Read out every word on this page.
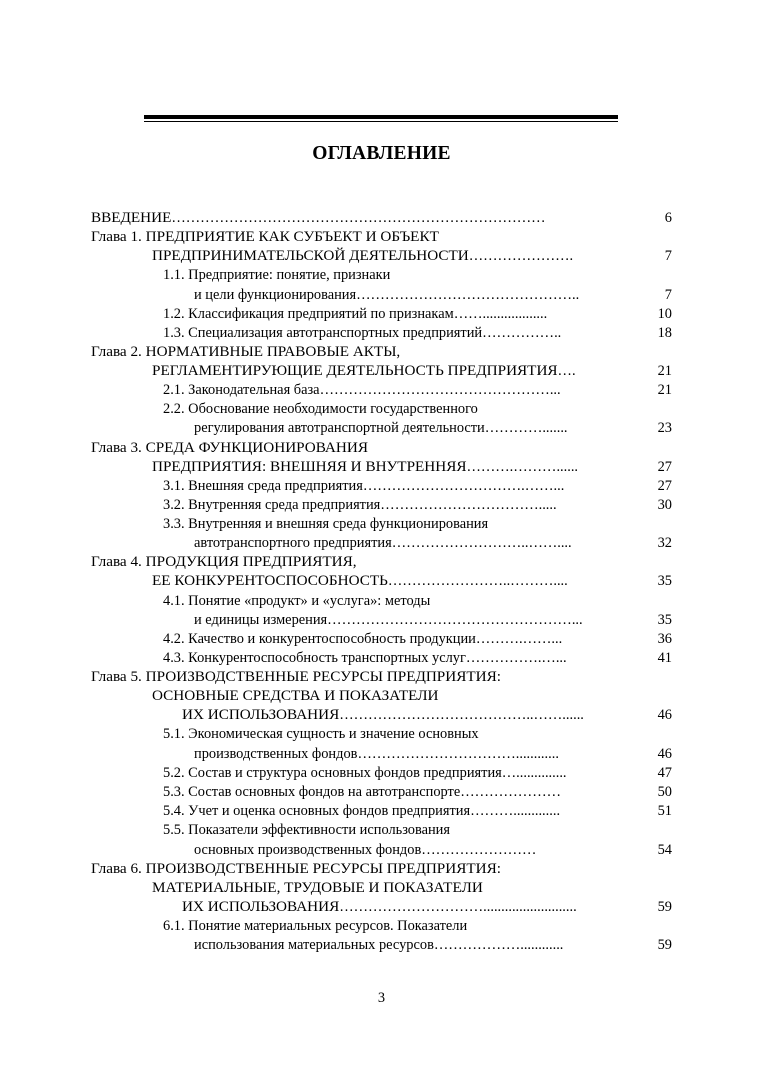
ОГЛАВЛЕНИЕ
ВВЕДЕНИЕ……………………………………………………………………	6
Глава 1. ПРЕДПРИЯТИЕ КАК СУБЪЕКТ И ОБЪЕКТ
ПРЕДПРИНИМАТЕЛЬСКОЙ ДЕЯТЕЛЬНОСТИ………………….	7
1.1. Предприятие: понятие, признаки
и цели функционирования………………………………………..	7
1.2. Классификация предприятий по признакам……..................	10
1.3. Специализация автотранспортных предприятий……………..	18
Глава 2. НОРМАТИВНЫЕ ПРАВОВЫЕ АКТЫ,
РЕГЛАМЕНТИРУЮЩИЕ ДЕЯТЕЛЬНОСТЬ ПРЕДПРИЯТИЯ….	21
2.1. Законодательная база…………………………………………...	21
2.2. Обоснование необходимости государственного
регулирования автотранспортной деятельности………….......	23
Глава 3. СРЕДА ФУНКЦИОНИРОВАНИЯ
ПРЕДПРИЯТИЯ: ВНЕШНЯЯ И ВНУТРЕННЯЯ……….………......	27
3.1. Внешняя среда предприятия…………………………….……...	27
3.2. Внутренняя среда предприятия…………………………….....	30
3.3. Внутренняя и внешняя среда функционирования
автотранспортного предприятия………………………..……....	32
Глава 4. ПРОДУКЦИЯ ПРЕДПРИЯТИЯ,
ЕЕ КОНКУРЕНТОСПОСОБНОСТЬ……………………..………....	35
4.1. Понятие «продукт» и «услуга»: методы
и единицы измерения……………………………………………...	35
4.2. Качество и конкурентоспособность продукции……….……...	36
4.3. Конкурентоспособность транспортных услуг…………….…...	41
Глава 5. ПРОИЗВОДСТВЕННЫЕ РЕСУРСЫ ПРЕДПРИЯТИЯ:
ОСНОВНЫЕ СРЕДСТВА И ПОКАЗАТЕЛИ
ИХ ИСПОЛЬЗОВАНИЯ…………………………………..……......	46
5.1. Экономическая сущность и значение основных
производственных фондов……………………………............	46
5.2. Состав и структура основных фондов предприятия…..............	47
5.3. Состав основных фондов на автотранспорте…………………	50
5.4. Учет и оценка основных фондов предприятия……….............	51
5.5. Показатели эффективности использования
основных производственных фондов……………………	54
Глава 6. ПРОИЗВОДСТВЕННЫЕ РЕСУРСЫ ПРЕДПРИЯТИЯ:
МАТЕРИАЛЬНЫЕ, ТРУДОВЫЕ И ПОКАЗАТЕЛИ
ИХ ИСПОЛЬЗОВАНИЯ…………………………..........................	59
6.1. Понятие материальных ресурсов. Показатели
использования материальных ресурсов………………............	59
3
